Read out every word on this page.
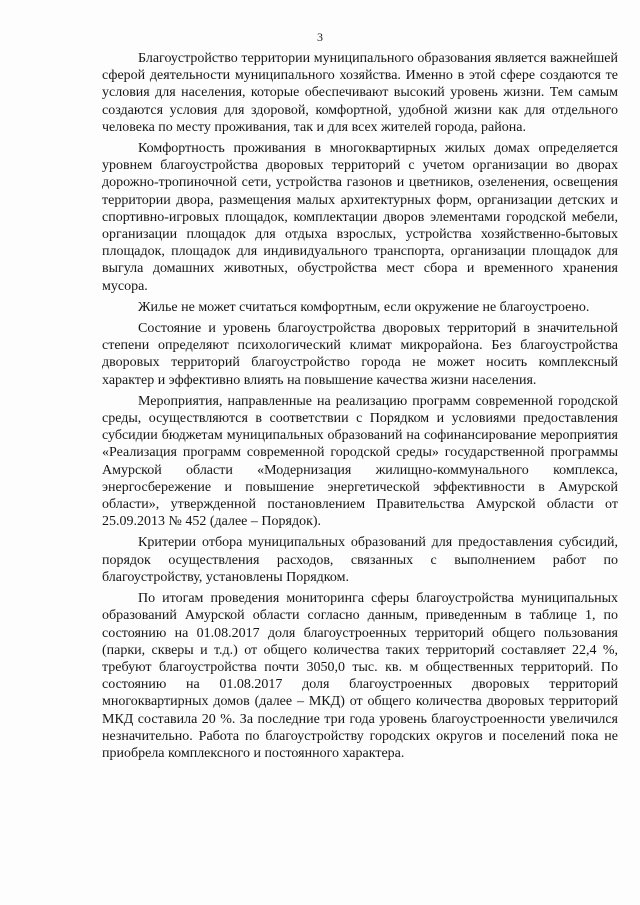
3

Благоустройство территории муниципального образования является важнейшей сферой деятельности муниципального хозяйства. Именно в этой сфере создаются те условия для населения, которые обеспечивают высокий уровень жизни. Тем самым создаются условия для здоровой, комфортной, удобной жизни как для отдельного человека по месту проживания, так и для всех жителей города, района.

Комфортность проживания в многоквартирных жилых домах определяется уровнем благоустройства дворовых территорий с учетом организации во дворах дорожно-тропиночной сети, устройства газонов и цветников, озеленения, освещения территории двора, размещения малых архитектурных форм, организации детских и спортивно-игровых площадок, комплектации дворов элементами городской мебели, организации площадок для отдыха взрослых, устройства хозяйственно-бытовых площадок, площадок для индивидуального транспорта, организации площадок для выгула домашних животных, обустройства мест сбора и временного хранения мусора.

Жилье не может считаться комфортным, если окружение не благоустроено.

Состояние и уровень благоустройства дворовых территорий в значительной степени определяют психологический климат микрорайона. Без благоустройства дворовых территорий благоустройство города не может носить комплексный характер и эффективно влиять на повышение качества жизни населения.

Мероприятия, направленные на реализацию программ современной городской среды, осуществляются в соответствии с Порядком и условиями предоставления субсидии бюджетам муниципальных образований на софинансирование мероприятия «Реализация программ современной городской среды» государственной программы Амурской области «Модернизация жилищно-коммунального комплекса, энергосбережение и повышение энергетической эффективности в Амурской области», утвержденной постановлением Правительства Амурской области от 25.09.2013 № 452 (далее – Порядок).

Критерии отбора муниципальных образований для предоставления субсидий, порядок осуществления расходов, связанных с выполнением работ по благоустройству, установлены Порядком.

По итогам проведения мониторинга сферы благоустройства муниципальных образований Амурской области согласно данным, приведенным в таблице 1, по состоянию на 01.08.2017 доля благоустроенных территорий общего пользования (парки, скверы и т.д.) от общего количества таких территорий составляет 22,4 %, требуют благоустройства почти 3050,0 тыс. кв. м общественных территорий. По состоянию на 01.08.2017 доля благоустроенных дворовых территорий многоквартирных домов (далее – МКД) от общего количества дворовых территорий МКД составила 20 %. За последние три года уровень благоустроенности увеличился незначительно. Работа по благоустройству городских округов и поселений пока не приобрела комплексного и постоянного характера.
